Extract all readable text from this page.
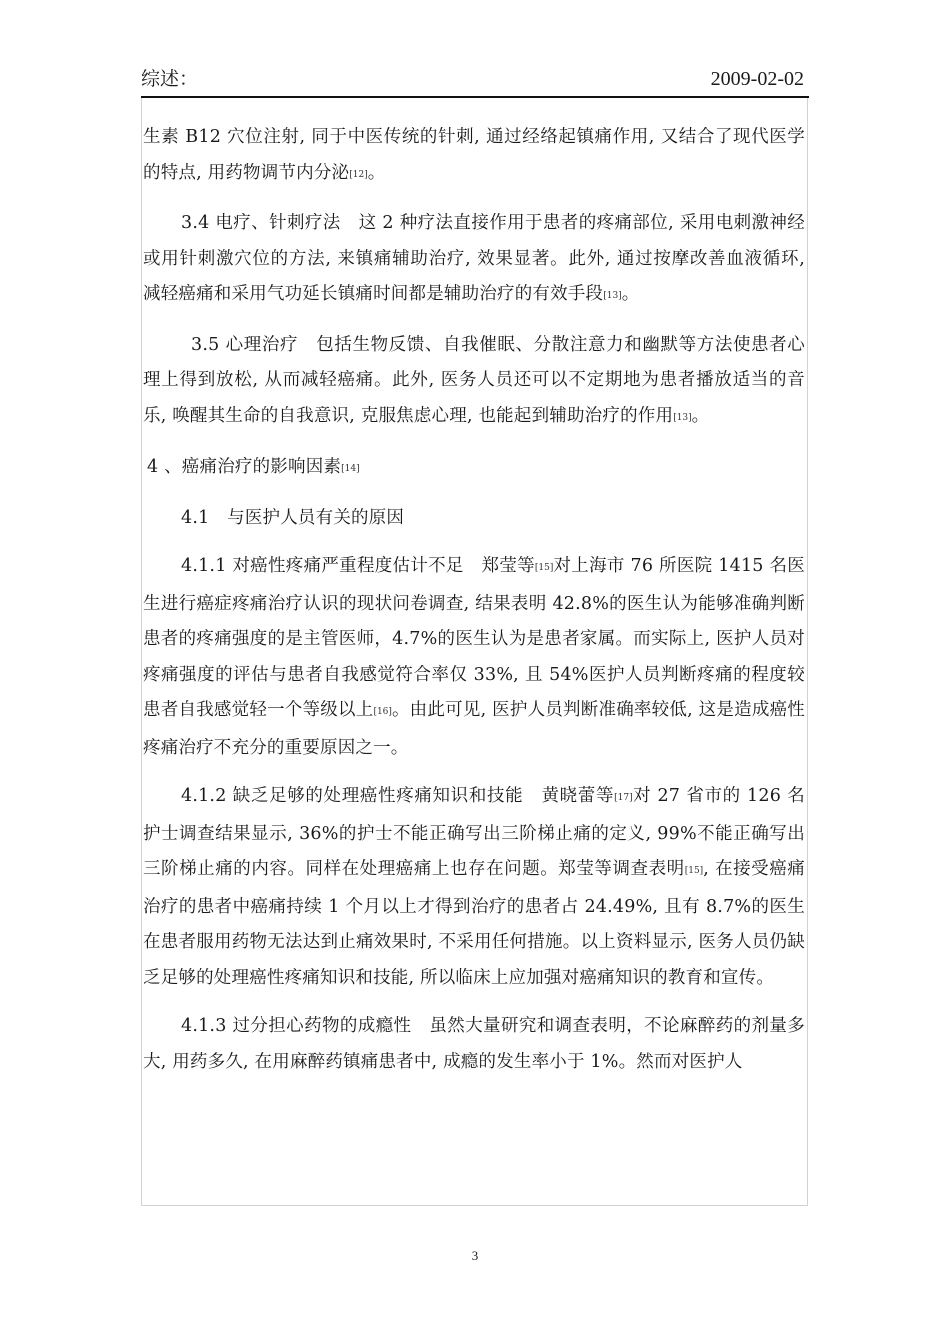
综述：	2009-02-02

生素 B12 穴位注射, 同于中医传统的针刺, 通过经络起镇痛作用, 又结合了现代医学的特点, 用药物调节内分泌[12]。

3.4 电疗、针刺疗法　这 2 种疗法直接作用于患者的疼痛部位, 采用电刺激神经或用针刺激穴位的方法, 来镇痛辅助治疗, 效果显著。此外, 通过按摩改善血液循环, 减轻癌痛和采用气功延长镇痛时间都是辅助治疗的有效手段[13]。

3.5 心理治疗　包括生物反馈、自我催眠、分散注意力和幽默等方法使患者心理上得到放松, 从而减轻癌痛。此外, 医务人员还可以不定期地为患者播放适当的音乐, 唤醒其生命的自我意识, 克服焦虑心理, 也能起到辅助治疗的作用[13]。

4 、癌痛治疗的影响因素[14]

4.1　与医护人员有关的原因

4.1.1 对癌性疼痛严重程度估计不足　郑莹等[15]对上海市 76 所医院 1415 名医生进行癌症疼痛治疗认识的现状问卷调查, 结果表明 42.8%的医生认为能够准确判断患者的疼痛强度的是主管医师，4.7%的医生认为是患者家属。而实际上, 医护人员对疼痛强度的评估与患者自我感觉符合率仅 33%, 且 54%医护人员判断疼痛的程度较患者自我感觉轻一个等级以上[16]。由此可见, 医护人员判断准确率较低, 这是造成癌性疼痛治疗不充分的重要原因之一。

4.1.2 缺乏足够的处理癌性疼痛知识和技能　黄晓蕾等[17]对 27 省市的 126 名护士调查结果显示, 36%的护士不能正确写出三阶梯止痛的定义, 99%不能正确写出三阶梯止痛的内容。同样在处理癌痛上也存在问题。郑莹等调查表明[15], 在接受癌痛治疗的患者中癌痛持续 1 个月以上才得到治疗的患者占 24.49%, 且有 8.7%的医生在患者服用药物无法达到止痛效果时, 不采用任何措施。以上资料显示, 医务人员仍缺乏足够的处理癌性疼痛知识和技能, 所以临床上应加强对癌痛知识的教育和宣传。

4.1.3 过分担心药物的成瘾性　虽然大量研究和调查表明，不论麻醉药的剂量多大, 用药多久, 在用麻醉药镇痛患者中, 成瘾的发生率小于 1%。然而对医护人

3
